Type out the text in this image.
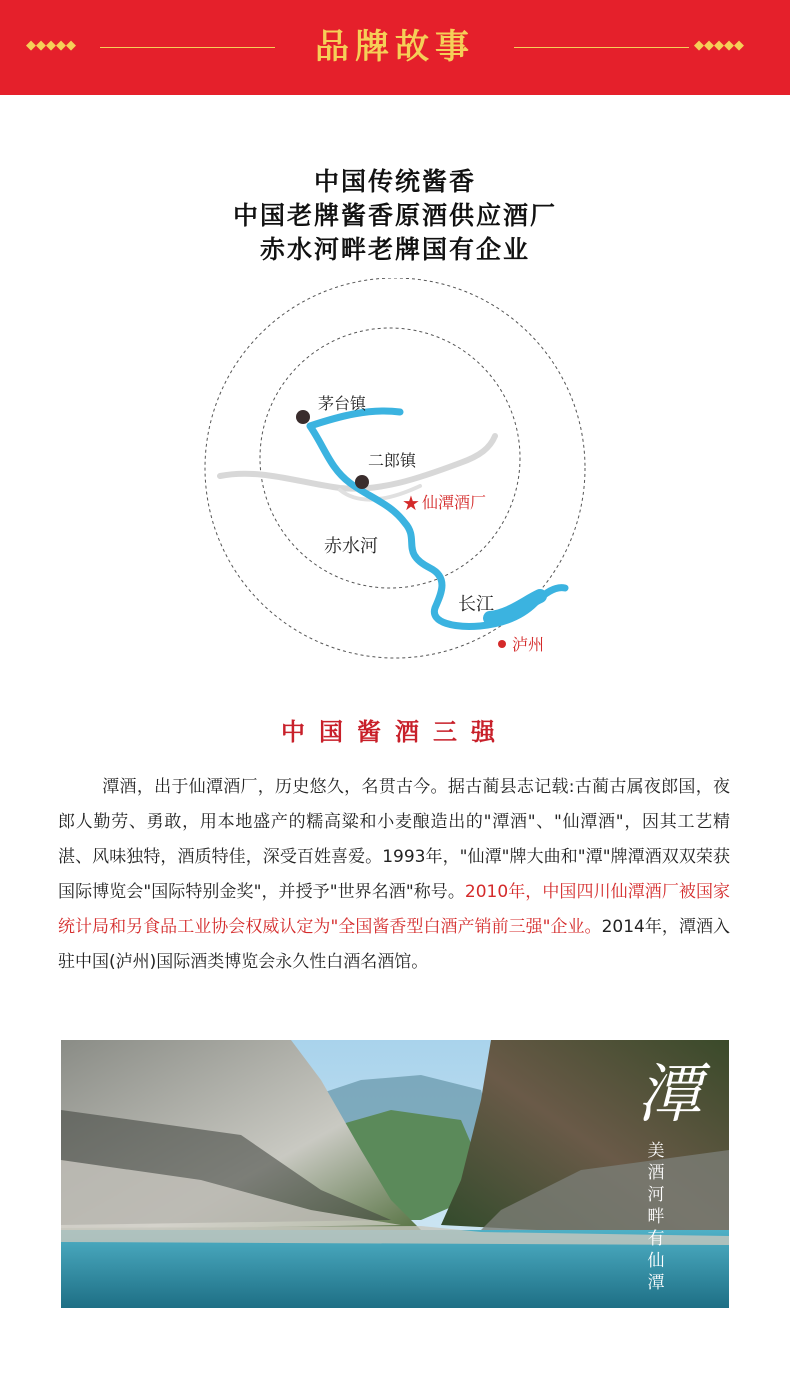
◆◆◆◆◆	品牌故事	◆◆◆◆◆
中国传统酱香
中国老牌酱香原酒供应酒厂
赤水河畔老牌国有企业
★
茅台镇
二郎镇
仙潭酒厂
赤水河
长江
泸州
中国酱酒三强
潭酒，出于仙潭酒厂，历史悠久，名贯古今。据古蔺县志记载:古蔺古属夜郎国，夜郎人勤劳、勇敢，用本地盛产的糯高粱和小麦酿造出的"潭酒"、"仙潭酒"，因其工艺精湛、风味独特，酒质特佳，深受百姓喜爱。1993年，"仙潭"牌大曲和"潭"牌潭酒双双荣获国际博览会"国际特别金奖"，并授予"世界名酒"称号。2010年，中国四川仙潭酒厂被国家统计局和另食品工业协会权威认定为"全国酱香型白酒产销前三强"企业。2014年，潭酒入驻中国(泸州)国际酒类博览会永久性白酒名酒馆。
潭
美酒河畔有仙潭
